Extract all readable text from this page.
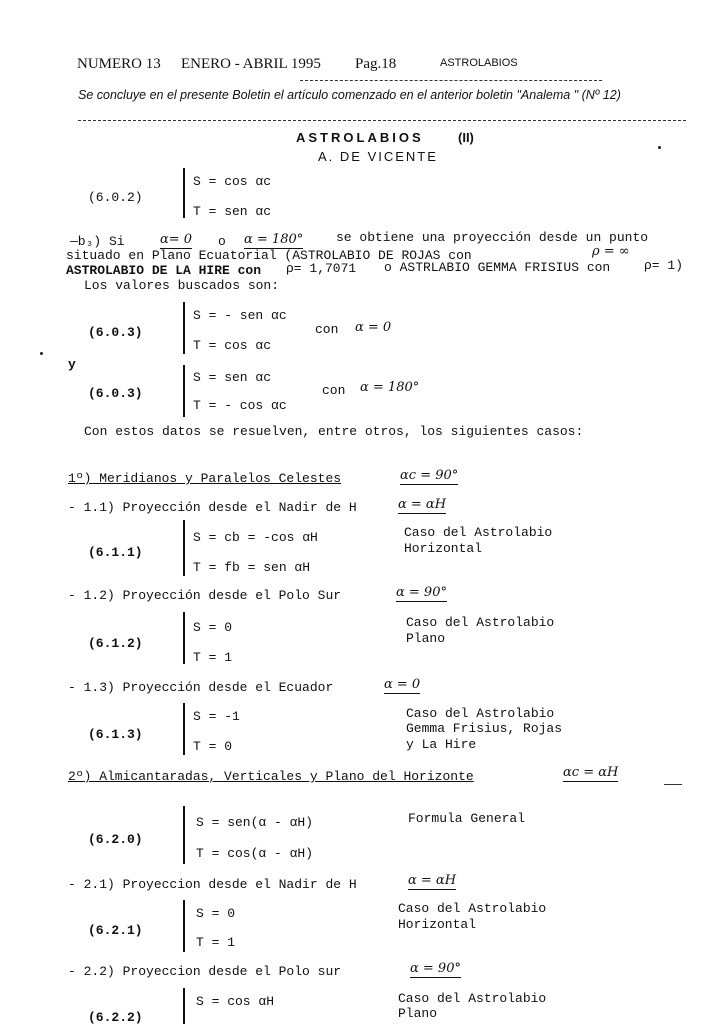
NUMERO 13 ENERO - ABRIL 1995 Pag.18	ASTROLABIOS
Se concluye en el presente Boletin el artículo comenzado en el anterior boletin "Analema " (Nº 12)
ASTROLABIOS	(II)
A. DE VICENTE
(6.0.2)
S = cos αc
T = sen αc
—b₃) Si	α= 0 o α = 180°	se obtiene una proyección desde un punto
situado en Plano Ecuatorial (ASTROLABIO DE ROJAS con	ρ = ∞
ASTROLABIO DE LA HIRE con ρ= 1,7071 o ASTRLABIO GEMMA FRISIUS con	ρ= 1)
Los valores buscados son:
(6.0.3)
S = - sen αc
T = cos αc
con α = 0
y
(6.0.3)
S = sen αc
T = - cos αc
con α = 180°
Con estos datos se resuelven, entre otros, los siguientes casos:
1º) Meridianos y Paralelos Celestes	αc = 90°
- 1.1) Proyección desde el Nadir de H	α = αH
(6.1.1)
S = cb = -cos αH
T = fb = sen αH
Caso del Astrolabio
Horizontal
- 1.2) Proyección desde el Polo Sur	α = 90°
(6.1.2)
S = 0
T = 1
Caso del Astrolabio
Plano
- 1.3) Proyección desde el Ecuador	α = 0
(6.1.3)
S = -1
T = 0
Caso del Astrolabio
Gemma Frisius, Rojas
y La Hire
2º) Almicantaradas, Verticales y Plano del Horizonte	αc = αH
(6.2.0)
S = sen(α - αH)
T = cos(α - αH)
Formula General
- 2.1) Proyeccion desde el Nadir de H	α = αH
(6.2.1)
S = 0
T = 1
Caso del Astrolabio
Horizontal
- 2.2) Proyeccion desde el Polo sur	α = 90°
(6.2.2)
S = cos αH	Caso del Astrolabio
Plano
